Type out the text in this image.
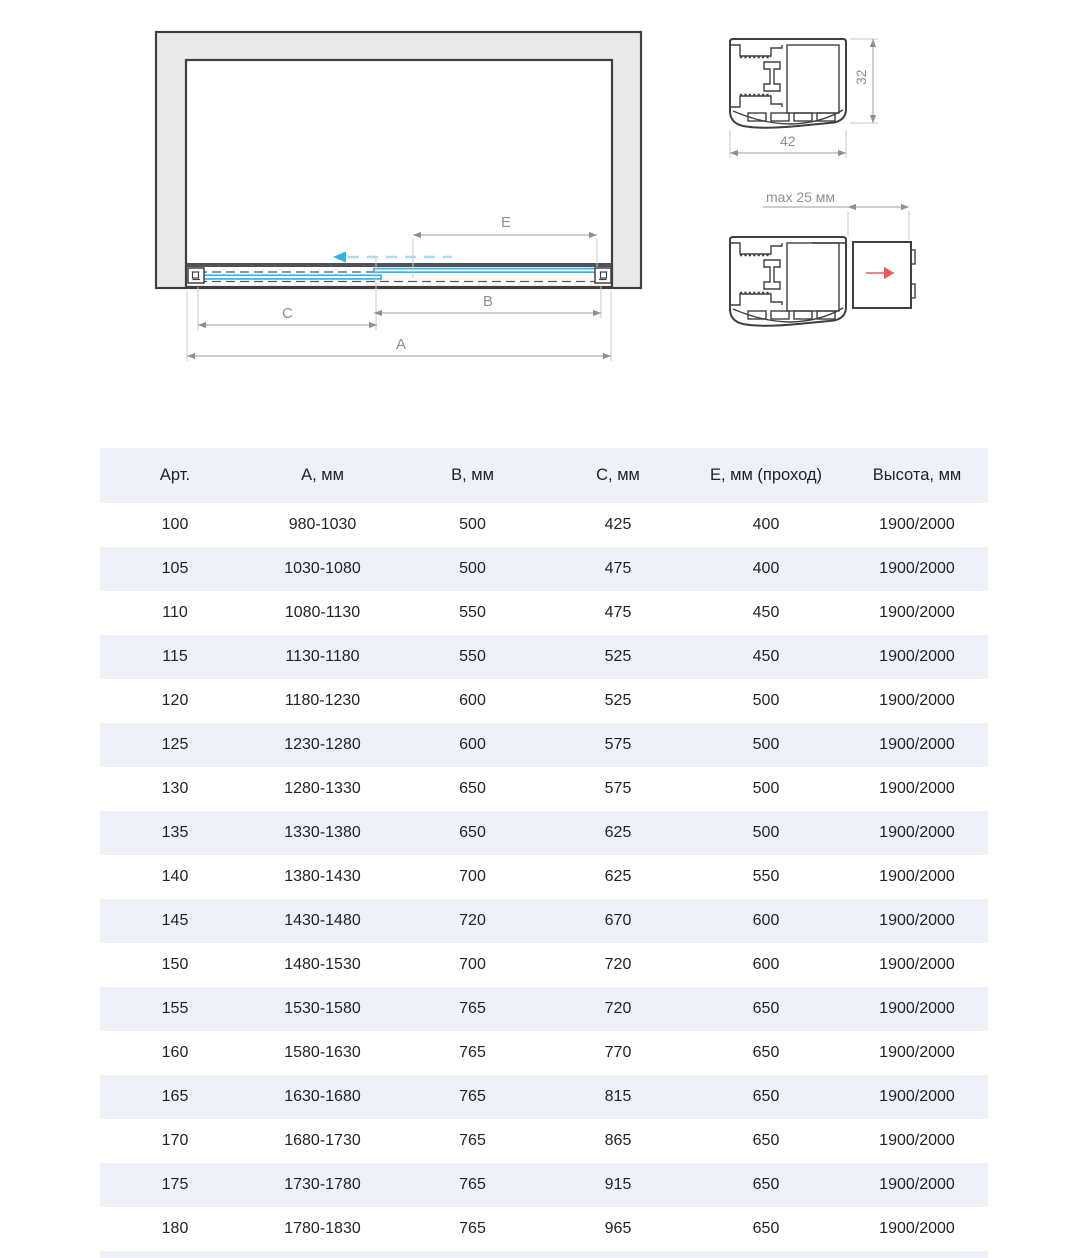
E
B
C
A
42
32
max 25 мм
Арт.	А, мм	В, мм	С, мм	Е, мм (проход)	Высота, мм
100	980-1030	500	425	400	1900/2000
105	1030-1080	500	475	400	1900/2000
110	1080-1130	550	475	450	1900/2000
115	1130-1180	550	525	450	1900/2000
120	1180-1230	600	525	500	1900/2000
125	1230-1280	600	575	500	1900/2000
130	1280-1330	650	575	500	1900/2000
135	1330-1380	650	625	500	1900/2000
140	1380-1430	700	625	550	1900/2000
145	1430-1480	720	670	600	1900/2000
150	1480-1530	700	720	600	1900/2000
155	1530-1580	765	720	650	1900/2000
160	1580-1630	765	770	650	1900/2000
165	1630-1680	765	815	650	1900/2000
170	1680-1730	765	865	650	1900/2000
175	1730-1780	765	915	650	1900/2000
180	1780-1830	765	965	650	1900/2000
